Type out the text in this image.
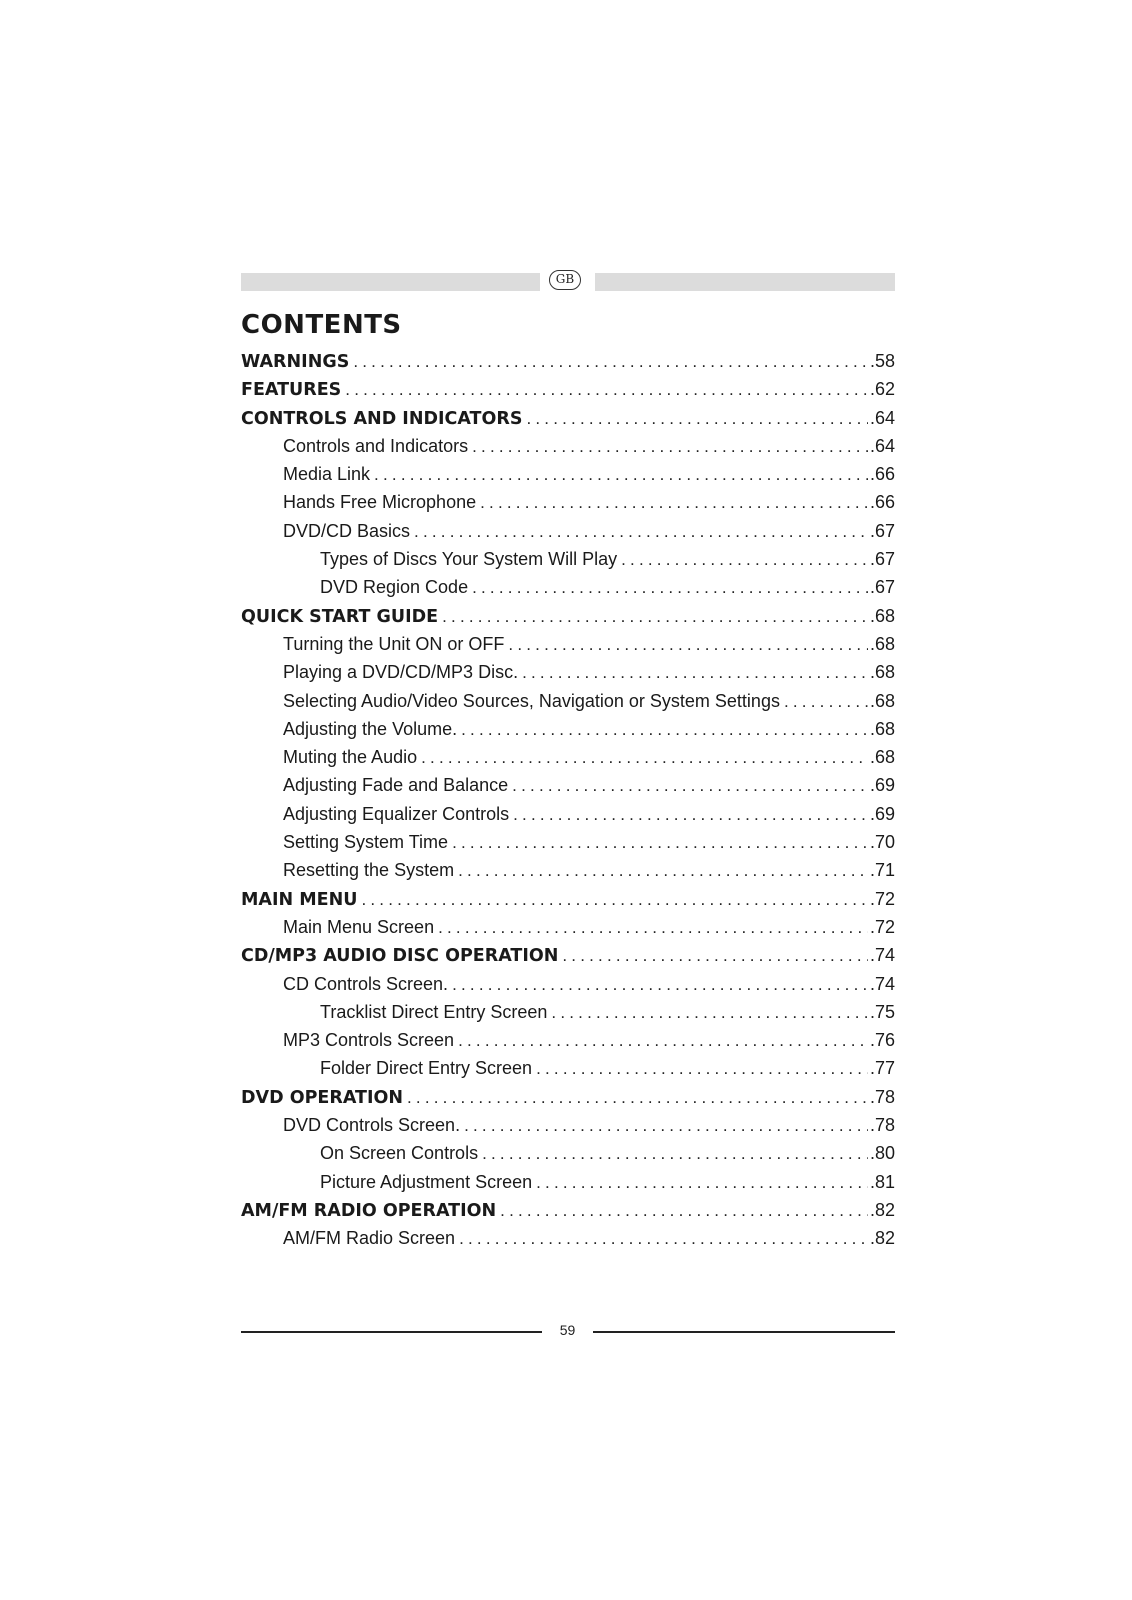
GB
CONTENTS
WARNINGS .....	.58
FEATURES .....	.62
CONTROLS AND INDICATORS .....	.64
Controls and Indicators .....	.64
Media Link .....	.66
Hands Free Microphone .....	.66
DVD/CD Basics .....	.67
Types of Discs Your System Will Play .....	.67
DVD Region Code .....	.67
QUICK START GUIDE .....	.68
Turning the Unit ON or OFF .....	.68
Playing a DVD/CD/MP3 Disc. .....	.68
Selecting Audio/Video Sources, Navigation or System Settings .....	.68
Adjusting the Volume. .....	.68
Muting the Audio .....	.68
Adjusting Fade and Balance .....	.69
Adjusting Equalizer Controls .....	.69
Setting System Time .....	.70
Resetting the System .....	.71
MAIN MENU .....	.72
Main Menu Screen .....	.72
CD/MP3 AUDIO DISC OPERATION .....	.74
CD Controls Screen. .....	.74
Tracklist Direct Entry Screen .....	.75
MP3 Controls Screen .....	.76
Folder Direct Entry Screen .....	.77
DVD OPERATION .....	.78
DVD Controls Screen. .....	.78
On Screen Controls .....	.80
Picture Adjustment Screen .....	.81
AM/FM RADIO OPERATION .....	.82
AM/FM Radio Screen .....	.82
59
